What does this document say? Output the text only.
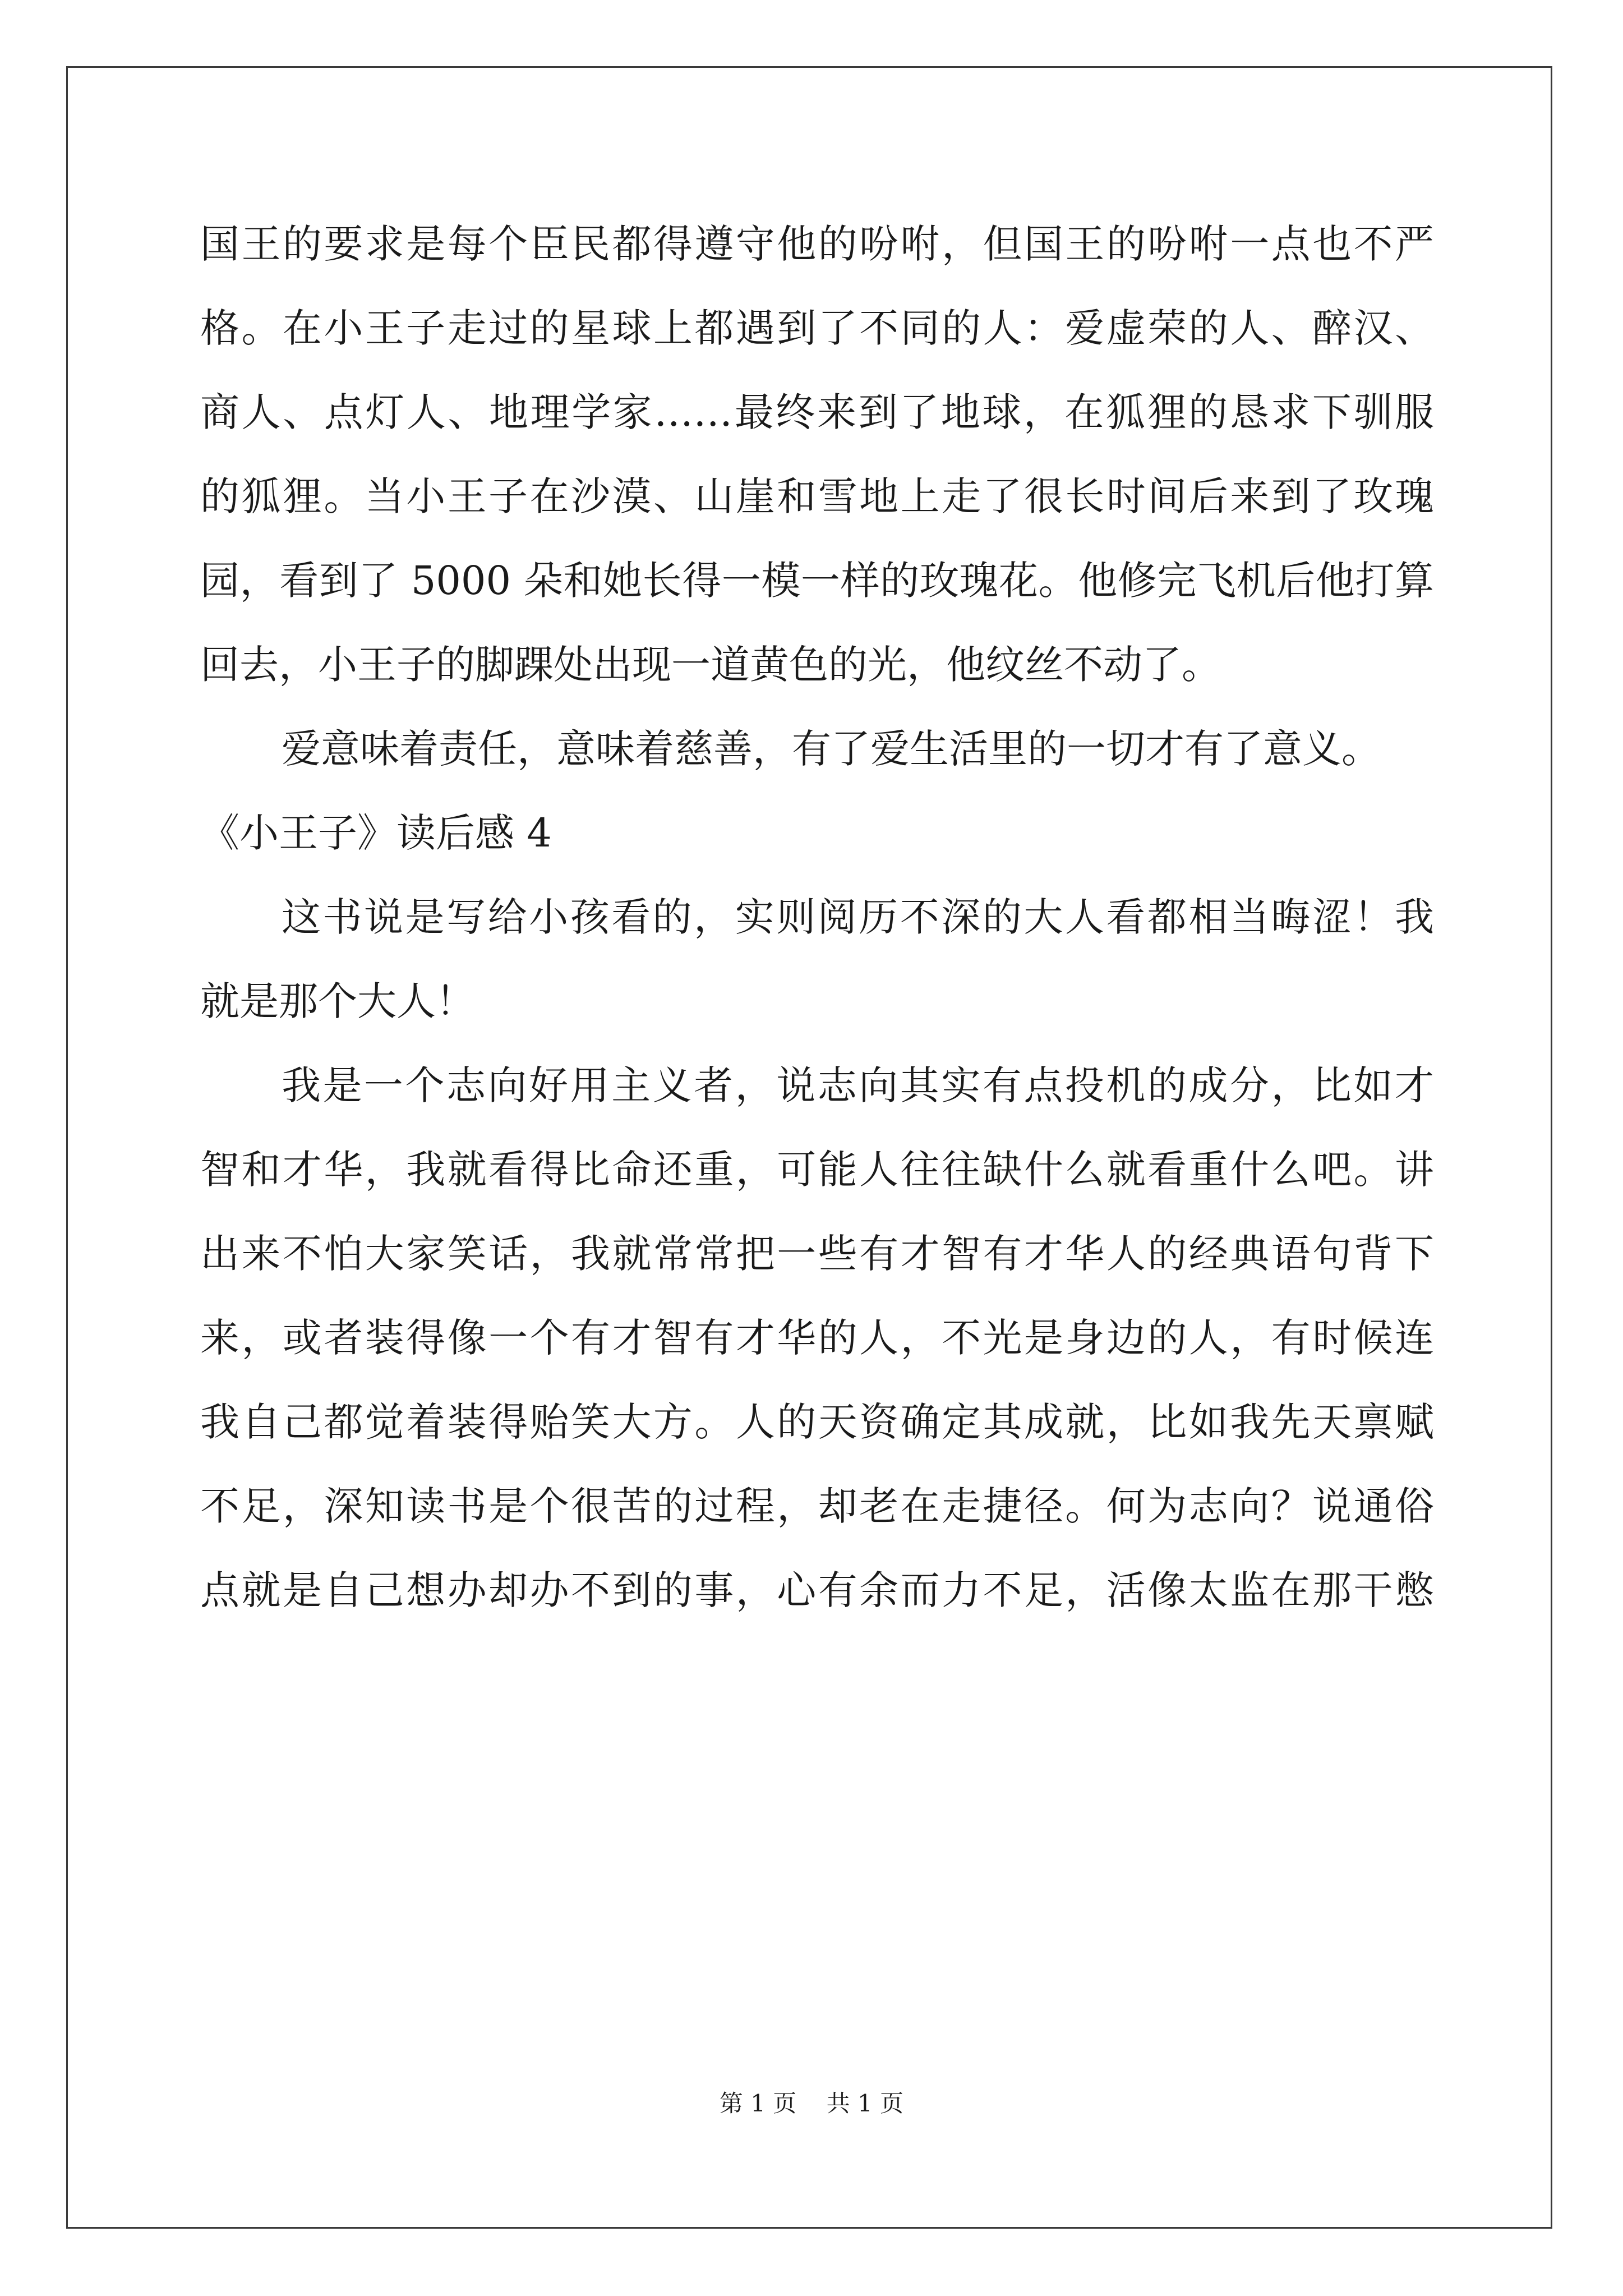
国王的要求是每个臣民都得遵守他的吩咐，但国王的吩咐一点也不严
格。在小王子走过的星球上都遇到了不同的人：爱虚荣的人、醉汉、
商人、点灯人、地理学家……最终来到了地球，在狐狸的恳求下驯服
的狐狸。当小王子在沙漠、山崖和雪地上走了很长时间后来到了玫瑰
园，看到了 5000 朵和她长得一模一样的玫瑰花。他修完飞机后他打算
回去，小王子的脚踝处出现一道黄色的光，他纹丝不动了。
爱意味着责任，意味着慈善，有了爱生活里的一切才有了意义。
《小王子》读后感 4
这书说是写给小孩看的，实则阅历不深的大人看都相当晦涩！我
就是那个大人！
我是一个志向好用主义者，说志向其实有点投机的成分，比如才
智和才华，我就看得比命还重，可能人往往缺什么就看重什么吧。讲
出来不怕大家笑话，我就常常把一些有才智有才华人的经典语句背下
来，或者装得像一个有才智有才华的人，不光是身边的人，有时候连
我自己都觉着装得贻笑大方。人的天资确定其成就，比如我先天禀赋
不足，深知读书是个很苦的过程，却老在走捷径。何为志向？说通俗
点就是自己想办却办不到的事，心有余而力不足，活像太监在那干憋
第 1 页 共 1 页
